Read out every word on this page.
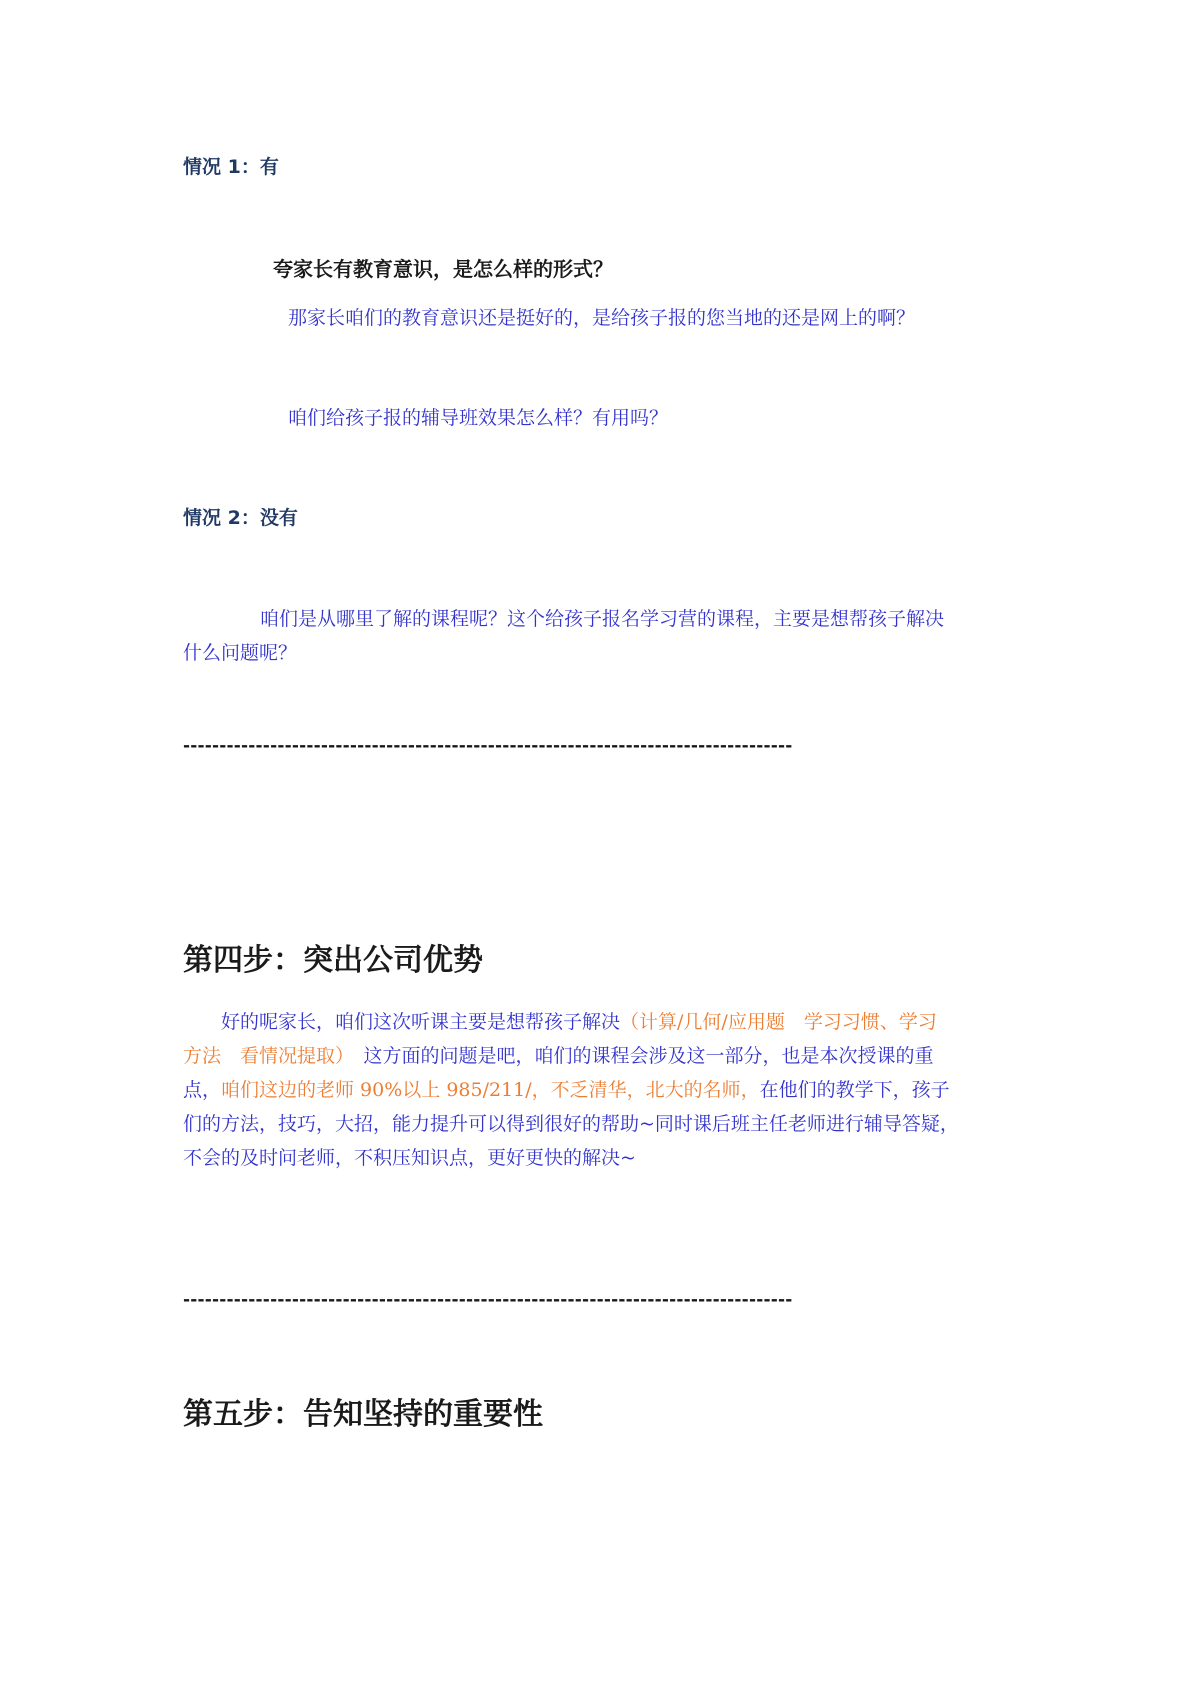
情况 1：有
夸家长有教育意识，是怎么样的形式？
那家长咱们的教育意识还是挺好的，是给孩子报的您当地的还是网上的啊？
咱们给孩子报的辅导班效果怎么样？有用吗？
情况 2：没有
咱们是从哪里了解的课程呢？这个给孩子报名学习营的课程，主要是想帮孩子解决
什么问题呢？
------------------------------------------------------------------------------------
第四步：突出公司优势

好的呢家长，咱们这次听课主要是想帮孩子解决（计算/几何/应用题　学习习惯、学习

方法　看情况提取）　这方面的问题是吧，咱们的课程会涉及这一部分，也是本次授课的重

点，咱们这边的老师 90%以上 985/211/，不乏清华，北大的名师，在他们的教学下，孩子

们的方法，技巧，大招，能力提升可以得到很好的帮助~同时课后班主任老师进行辅导答疑，

不会的及时问老师，不积压知识点，更好更快的解决~

------------------------------------------------------------------------------------
第五步：告知坚持的重要性
